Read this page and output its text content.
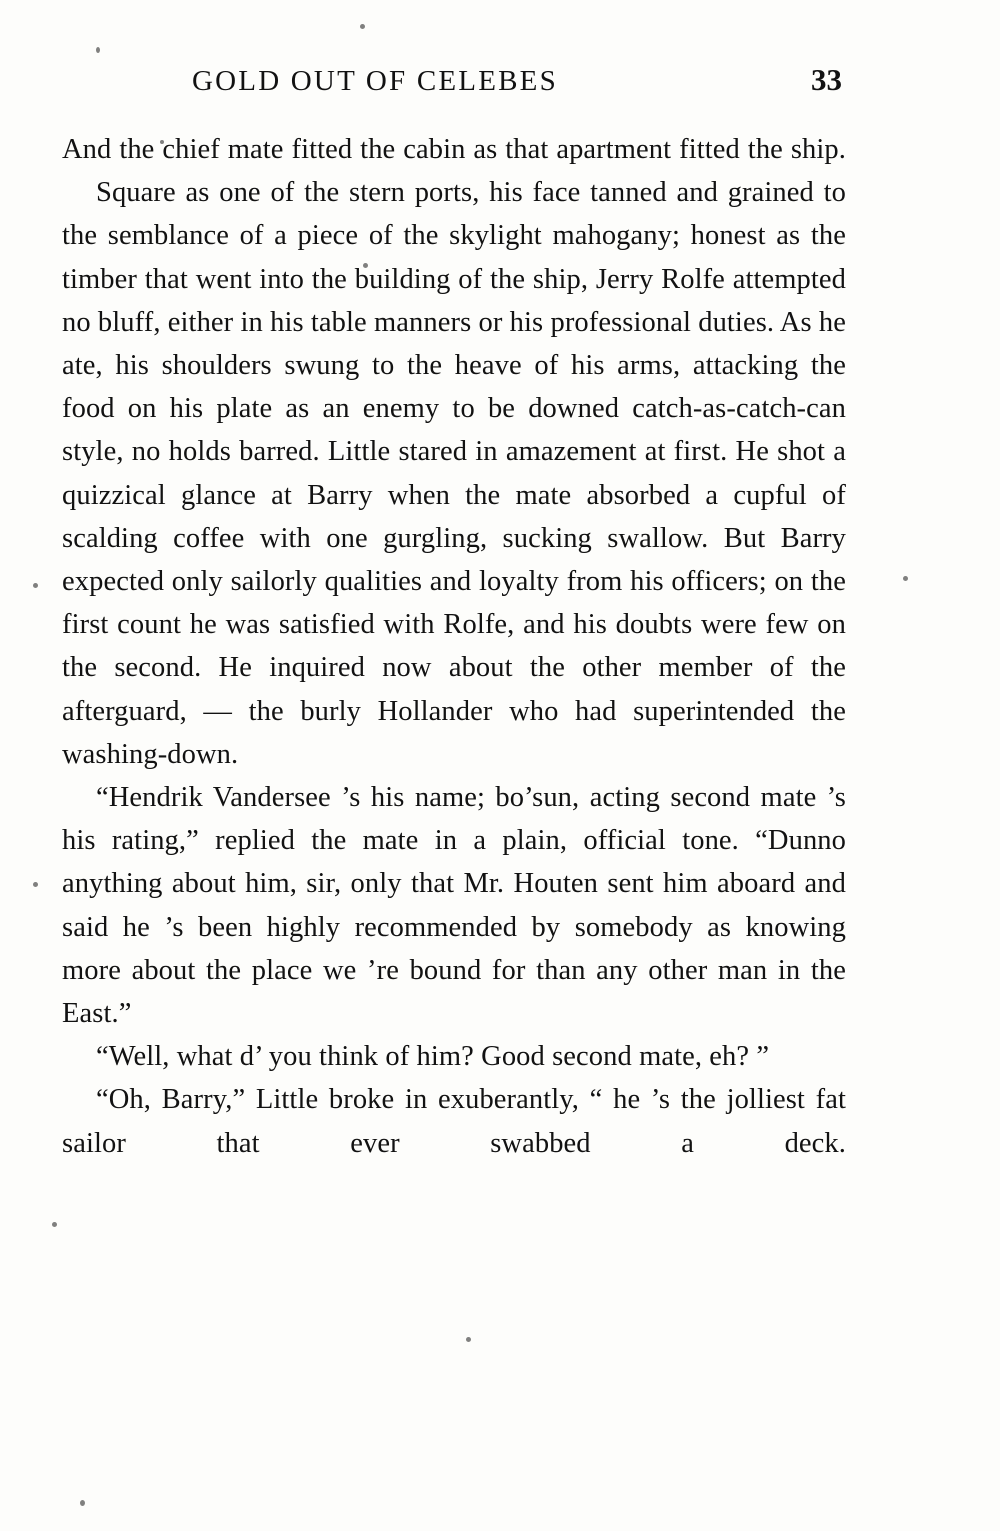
GOLD OUT OF CELEBES	33

And the chief mate fitted the cabin as that apartment fitted the ship.

Square as one of the stern ports, his face tanned and grained to the semblance of a piece of the skylight mahogany; honest as the timber that went into the building of the ship, Jerry Rolfe attempted no bluff, either in his table manners or his professional duties. As he ate, his shoulders swung to the heave of his arms, attacking the food on his plate as an enemy to be downed catch-as-catch-can style, no holds barred. Little stared in amazement at first. He shot a quizzical glance at Barry when the mate absorbed a cupful of scalding coffee with one gurgling, sucking swallow. But Barry expected only sailorly qualities and loyalty from his officers; on the first count he was satisfied with Rolfe, and his doubts were few on the second. He inquired now about the other member of the afterguard, — the burly Hollander who had superintended the washing-down.

“Hendrik Vandersee ’s his name; bo’sun, acting second mate ’s his rating,” replied the mate in a plain, official tone. “Dunno anything about him, sir, only that Mr. Houten sent him aboard and said he ’s been highly recommended by somebody as knowing more about the place we ’re bound for than any other man in the East.”

“Well, what d’ you think of him? Good second mate, eh? ”

“Oh, Barry,” Little broke in exuberantly, “ he ’s the jolliest fat sailor that ever swabbed a deck.
